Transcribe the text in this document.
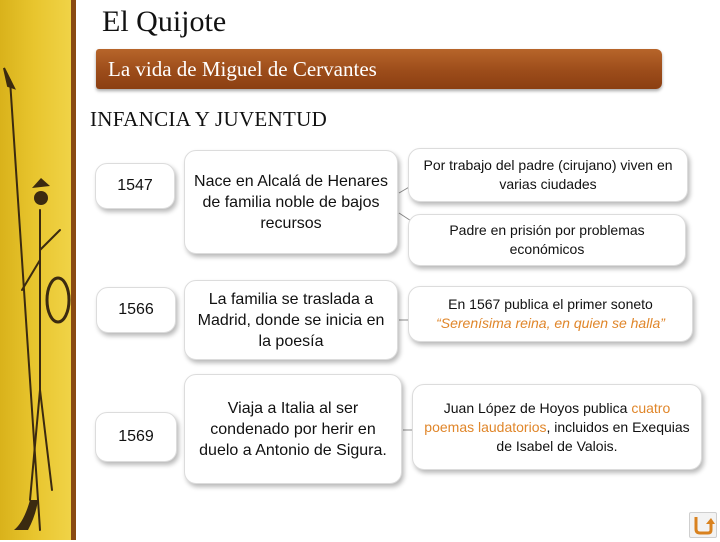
El Quijote
La vida de Miguel de Cervantes
INFANCIA Y JUVENTUD
1547	Nace en Alcalá de Henares de familia noble de bajos recursos
Por trabajo del padre (cirujano) viven en varias ciudades
Padre en prisión por problemas económicos
1566
La familia se traslada a Madrid, donde se inicia en la poesía
En 1567 publica el primer soneto “Serenísima reina, en quien se halla”
1569
Viaja a Italia al ser condenado por herir en duelo a Antonio de Sigura.
Juan López de Hoyos publica cuatro poemas laudatorios, incluidos en Exequias de Isabel de Valois.
